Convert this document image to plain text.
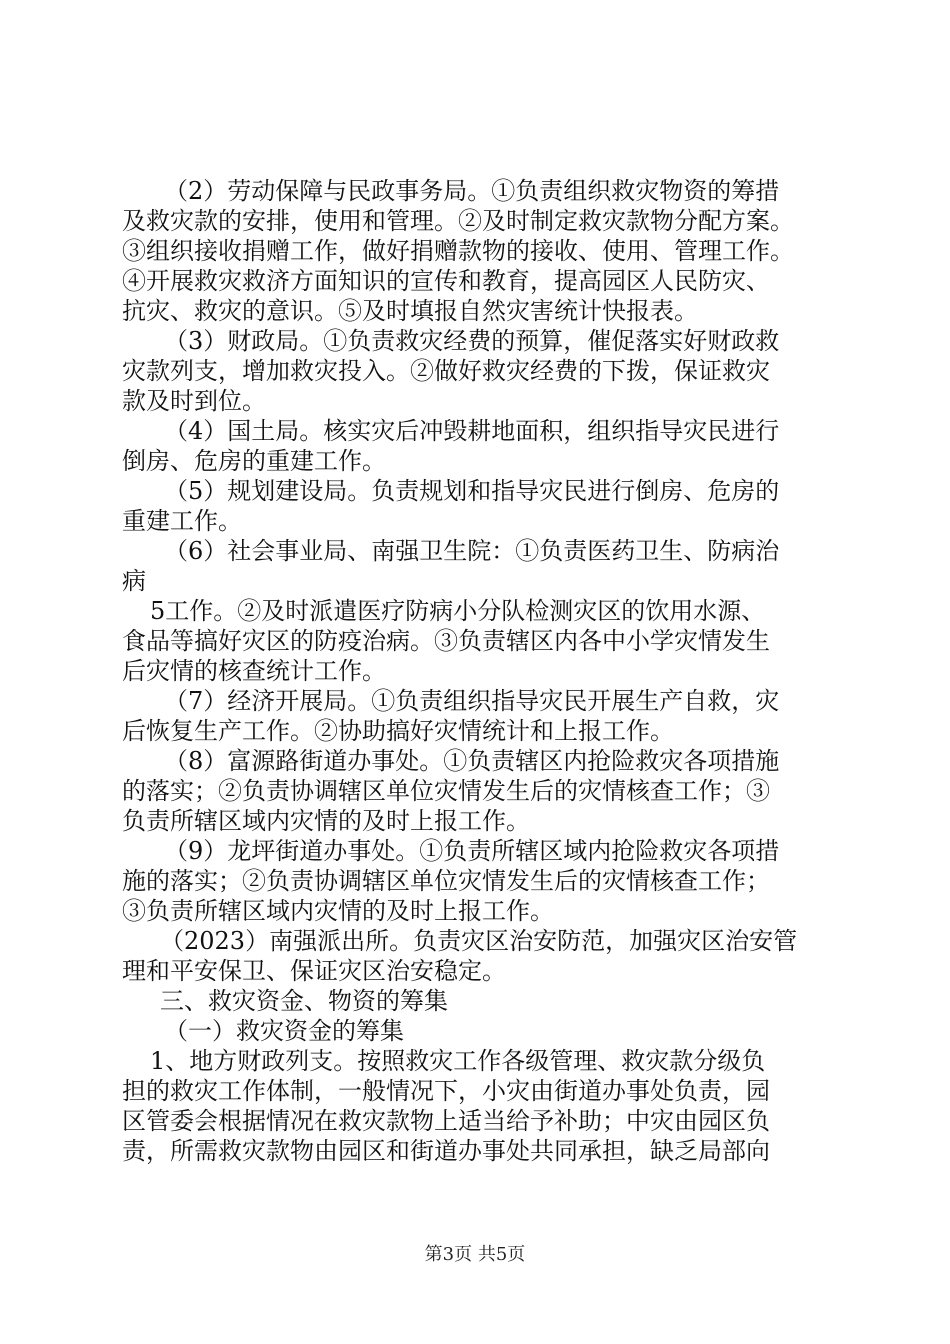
（2）劳动保障与民政事务局。①负责组织救灾物资的筹措
及救灾款的安排，使用和管理。②及时制定救灾款物分配方案。
③组织接收捐赠工作，做好捐赠款物的接收、使用、管理工作。
④开展救灾救济方面知识的宣传和教育，提高园区人民防灾、
抗灾、救灾的意识。⑤及时填报自然灾害统计快报表。
（3）财政局。①负责救灾经费的预算，催促落实好财政救
灾款列支，增加救灾投入。②做好救灾经费的下拨，保证救灾
款及时到位。
（4）国土局。核实灾后冲毁耕地面积，组织指导灾民进行
倒房、危房的重建工作。
（5）规划建设局。负责规划和指导灾民进行倒房、危房的
重建工作。
（6）社会事业局、南强卫生院：①负责医药卫生、防病治
病
5工作。②及时派遣医疗防病小分队检测灾区的饮用水源、
食品等搞好灾区的防疫治病。③负责辖区内各中小学灾情发生
后灾情的核查统计工作。
（7）经济开展局。①负责组织指导灾民开展生产自救，灾
后恢复生产工作。②协助搞好灾情统计和上报工作。
（8）富源路街道办事处。①负责辖区内抢险救灾各项措施
的落实；②负责协调辖区单位灾情发生后的灾情核查工作；③
负责所辖区域内灾情的及时上报工作。
（9）龙坪街道办事处。①负责所辖区域内抢险救灾各项措
施的落实；②负责协调辖区单位灾情发生后的灾情核查工作；
③负责所辖区域内灾情的及时上报工作。
（2023）南强派出所。负责灾区治安防范，加强灾区治安管
理和平安保卫、保证灾区治安稳定。
三、救灾资金、物资的筹集
（一）救灾资金的筹集
1、地方财政列支。按照救灾工作各级管理、救灾款分级负
担的救灾工作体制，一般情况下，小灾由街道办事处负责，园
区管委会根据情况在救灾款物上适当给予补助；中灾由园区负
责，所需救灾款物由园区和街道办事处共同承担，缺乏局部向
第3页 共5页
